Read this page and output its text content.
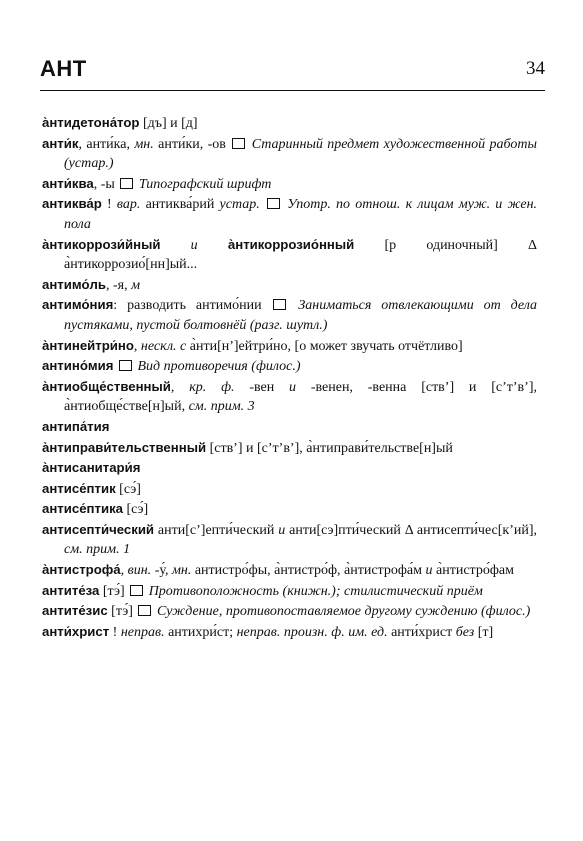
АНТ	34

а̀нтидетона́тор [дъ] и [д]

анти́к, анти́ка, мн. анти́ки, -ов  Старинный предмет художественной работы (устар.)

анти́ква, -ы  Типографский шрифт

антиква́р ! вар. антиква́рий устар.  Употр. по отнош. к лицам муж. и жен. пола

а̀нтикоррози́йный и а̀нтикоррозио́нный [р одиночный] Δ а̀нтикоррозио́[нн]ый...

антимо́ль, -я, м

антимо́ния: разводить антимо́нии  Заниматься отвлекающими от дела пустяками, пустой болтовнёй (разг. шутл.)

а̀нтинейтри́но, нескл. с а̀нти[нʼ]ейтри́но, [о может звучать отчётливо]

антино́мия  Вид противоречия (филос.)

а̀нтиобще́ственный, кр. ф. -вен и -венен, -венна [ствʼ] и [сʼтʼвʼ], а̀нтиобще́стве[н]ый, см. прим. 3

антипа́тия

а̀нтиправи́тельственный [ствʼ] и [сʼтʼвʼ], а̀нтиправи́тельстве[н]ый

а̀нтисанитари́я

антисе́птик [сэ́]

антисе́птика [сэ́]

антисепти́ческий анти[сʼ]епти́ческий и анти[сэ]пти́ческий Δ антисепти́чес[кʼий], см. прим. 1

а̀нтистрофа́, вин. -у́, мн. антистро́фы, а̀нтистро́ф, а̀нтистрофа́м и а̀нтистро́фам

антите́за [тэ́]  Противоположность (книжн.); стилистический приём

антите́зис [тэ́]  Суждение, противопоставляемое другому суждению (филос.)

анти́христ ! неправ. антихри́ст; неправ. произн. ф. им. ед. анти́христ без [т]
